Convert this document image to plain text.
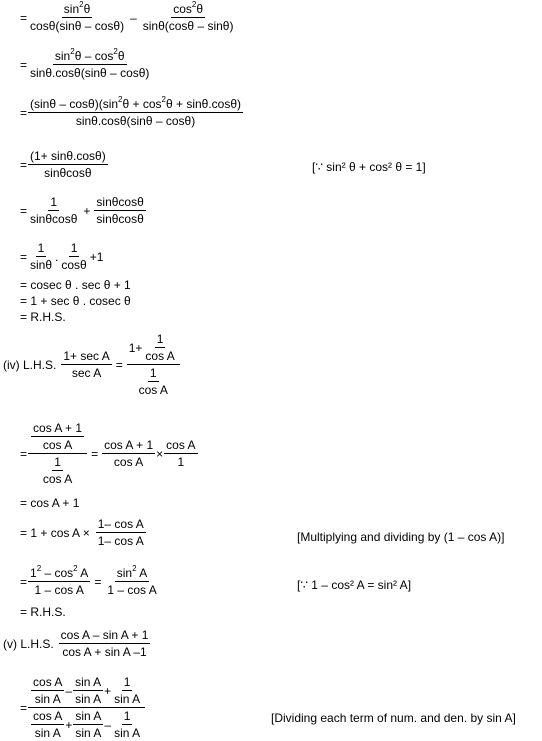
= $\frac{\sin^2\theta}{\cos\theta(\sin\theta - \cos\theta)}$ –
$\cos^2\theta$
sinθ(cosθ – sinθ)
= $\frac{\sin^2\theta - \cos^2\theta}{\sin\theta.\cos\theta(\sin\theta - \cos\theta)}$
= $\frac{(\sin\theta - \cos\theta)(\sin^2\theta + \cos^2\theta + \sin\theta.\cos\theta)}{\sin\theta.\cos\theta(\sin\theta - \cos\theta)}$
= $\frac{(1+ \sin\theta.\cos\theta)}{\sin\theta\cos\theta}$	[∵ sin² θ + cos² θ = 1]
= $\frac{1}{\sin\theta\cos\theta} + \frac{\sin\theta\cos\theta}{\sin\theta\cos\theta}$
= $\frac{1}{\sin\theta}$ .
1
cosθ
+1
= cosec θ . sec θ + 1
= 1 + sec θ . cosec θ
= R.H.S.
(iv) L.H.S.
1+ sec A
sec A
= $\frac{1+ \frac{1}{\text{cos A}}}{\frac{1}{\text{cos A}}}$
= $\frac{\frac{\text{cos A + 1}}{\text{cos A}}}{\frac{1}{\text{cos A}}} = \frac{\text{cos A + 1}}{\text{cos A}} \times \frac{\text{cos A}}{1}$
= cos A + 1
= 1 + cos A ×
1– cos A
1– cos A	[Multiplying and dividing by (1 – cos A)]
= $\frac{1^2 - \cos^2 A}{\text{1 – cos A}} = \frac{\sin^2 A}{\text{1 – cos A}}$	[∵ 1 – cos² A = sin² A]
= R.H.S.
(v) L.H.S.
cos A – sin A + 1
cos A + sin A –1
= cos A
sin A
–
sin A
sin A
+ $\frac{1}{\text{sin A}}$
cos A
sin A
+ $\frac{\text{sin A}}{\text{sin A}}$ –
1
sin A	[Dividing each term of num. and den. by sin A]
